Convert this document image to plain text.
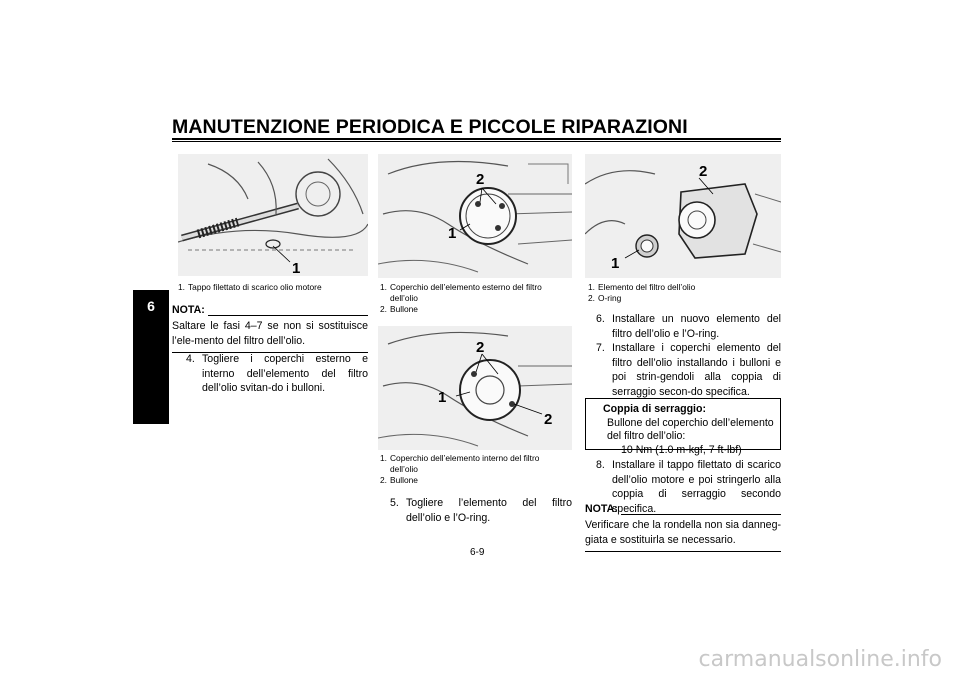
MANUTENZIONE PERIODICA E PICCOLE RIPARAZIONI
6
1
1. Tappo filettato di scarico olio motore
NOTA:
Saltare le fasi 4–7 se non si sostituisce l’ele-mento del filtro dell’olio.
4. Togliere i coperchi esterno e interno dell’elemento del filtro dell’olio svitan-do i bulloni.
2
1
1. Coperchio dell’elemento esterno del filtro dell’olio
2. Bullone
2
1
2
1. Coperchio dell’elemento interno del filtro dell’olio
2. Bullone
5. Togliere l’elemento del filtro dell’olio e l’O-ring.
2
1
1. Elemento del filtro dell’olio
2. O-ring
6. Installare un nuovo elemento del filtro dell’olio e l’O-ring.
7. Installare i coperchi elemento del filtro dell’olio installando i bulloni e poi strin-gendoli alla coppia di serraggio secon-do specifica.
Coppia di serraggio:
Bullone del coperchio dell’elemento del filtro dell’olio:
10 Nm (1.0 m·kgf, 7 ft·lbf)
8. Installare il tappo filettato di scarico dell’olio motore e poi stringerlo alla coppia di serraggio secondo specifica.
NOTA:
Verificare che la rondella non sia danneg-giata e sostituirla se necessario.
6-9
carmanualsonline.info
